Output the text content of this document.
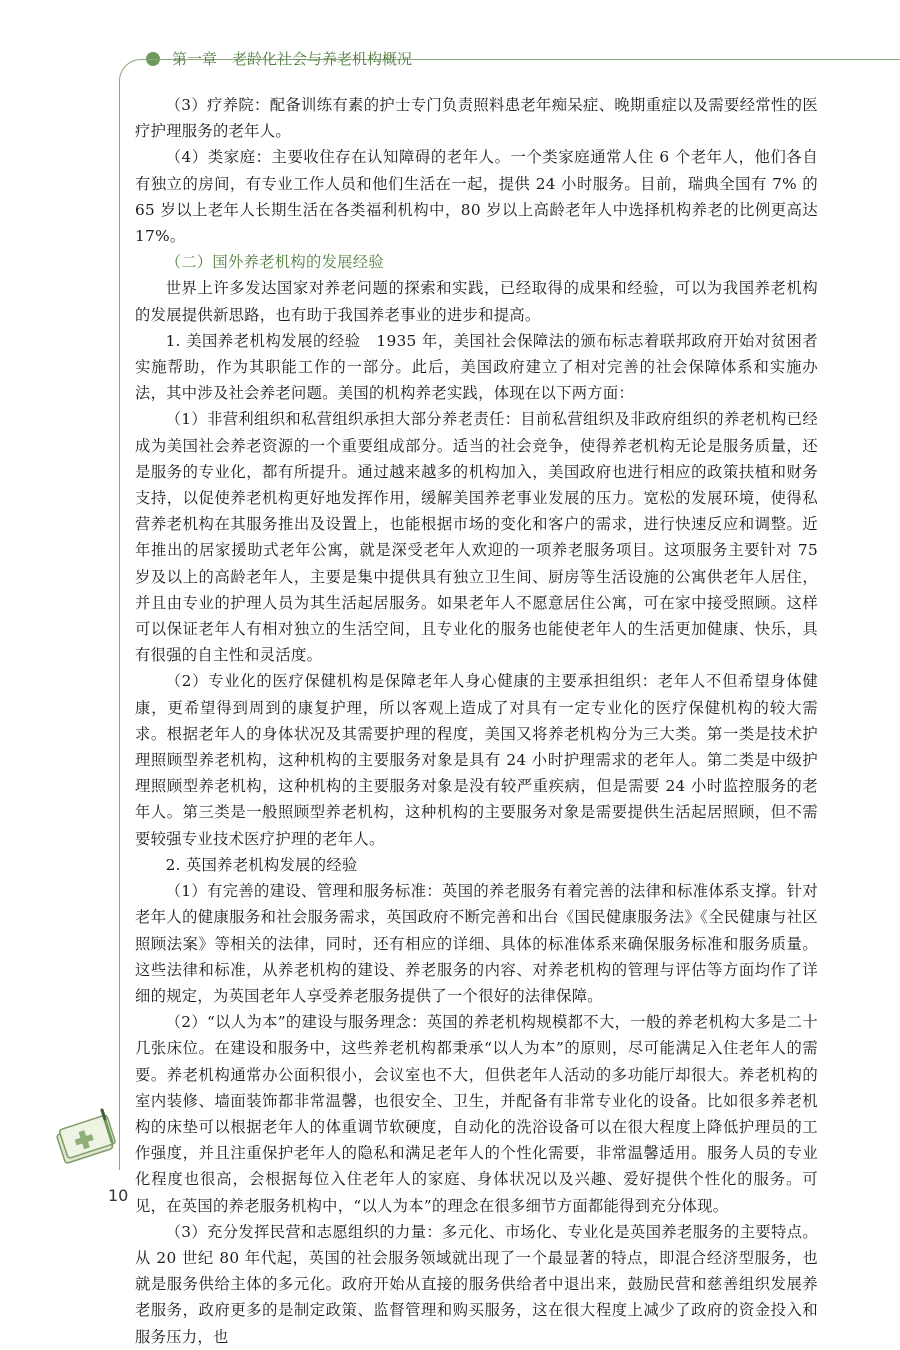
第一章　老龄化社会与养老机构概况

（3）疗养院：配备训练有素的护士专门负责照料患老年痴呆症、晚期重症以及需要经常性的医疗护理服务的老年人。

（4）类家庭：主要收住存在认知障碍的老年人。一个类家庭通常人住 6 个老年人，他们各自有独立的房间，有专业工作人员和他们生活在一起，提供 24 小时服务。目前，瑞典全国有 7% 的 65 岁以上老年人长期生活在各类福利机构中，80 岁以上高龄老年人中选择机构养老的比例更高达 17%。

（二）国外养老机构的发展经验

世界上许多发达国家对养老问题的探索和实践，已经取得的成果和经验，可以为我国养老机构的发展提供新思路，也有助于我国养老事业的进步和提高。

1. 美国养老机构发展的经验　1935 年，美国社会保障法的颁布标志着联邦政府开始对贫困者实施帮助，作为其职能工作的一部分。此后，美国政府建立了相对完善的社会保障体系和实施办法，其中涉及社会养老问题。美国的机构养老实践，体现在以下两方面：

（1）非营利组织和私营组织承担大部分养老责任：目前私营组织及非政府组织的养老机构已经成为美国社会养老资源的一个重要组成部分。适当的社会竞争，使得养老机构无论是服务质量，还是服务的专业化，都有所提升。通过越来越多的机构加入，美国政府也进行相应的政策扶植和财务支持，以促使养老机构更好地发挥作用，缓解美国养老事业发展的压力。宽松的发展环境，使得私营养老机构在其服务推出及设置上，也能根据市场的变化和客户的需求，进行快速反应和调整。近年推出的居家援助式老年公寓，就是深受老年人欢迎的一项养老服务项目。这项服务主要针对 75 岁及以上的高龄老年人，主要是集中提供具有独立卫生间、厨房等生活设施的公寓供老年人居住，并且由专业的护理人员为其生活起居服务。如果老年人不愿意居住公寓，可在家中接受照顾。这样可以保证老年人有相对独立的生活空间，且专业化的服务也能使老年人的生活更加健康、快乐，具有很强的自主性和灵活度。

（2）专业化的医疗保健机构是保障老年人身心健康的主要承担组织：老年人不但希望身体健康，更希望得到周到的康复护理，所以客观上造成了对具有一定专业化的医疗保健机构的较大需求。根据老年人的身体状况及其需要护理的程度，美国又将养老机构分为三大类。第一类是技术护理照顾型养老机构，这种机构的主要服务对象是具有 24 小时护理需求的老年人。第二类是中级护理照顾型养老机构，这种机构的主要服务对象是没有较严重疾病，但是需要 24 小时监控服务的老年人。第三类是一般照顾型养老机构，这种机构的主要服务对象是需要提供生活起居照顾，但不需要较强专业技术医疗护理的老年人。

2. 英国养老机构发展的经验

（1）有完善的建设、管理和服务标准：英国的养老服务有着完善的法律和标准体系支撑。针对老年人的健康服务和社会服务需求，英国政府不断完善和出台《国民健康服务法》《全民健康与社区照顾法案》等相关的法律，同时，还有相应的详细、具体的标准体系来确保服务标准和服务质量。这些法律和标准，从养老机构的建设、养老服务的内容、对养老机构的管理与评估等方面均作了详细的规定，为英国老年人享受养老服务提供了一个很好的法律保障。

（2）“以人为本”的建设与服务理念：英国的养老机构规模都不大，一般的养老机构大多是二十几张床位。在建设和服务中，这些养老机构都秉承“以人为本”的原则，尽可能满足入住老年人的需要。养老机构通常办公面积很小，会议室也不大，但供老年人活动的多功能厅却很大。养老机构的室内装修、墙面装饰都非常温馨，也很安全、卫生，并配备有非常专业化的设备。比如很多养老机构的床垫可以根据老年人的体重调节软硬度，自动化的洗浴设备可以在很大程度上降低护理员的工作强度，并且注重保护老年人的隐私和满足老年人的个性化需要，非常温馨适用。服务人员的专业化程度也很高，会根据每位入住老年人的家庭、身体状况以及兴趣、爱好提供个性化的服务。可见，在英国的养老服务机构中，“以人为本”的理念在很多细节方面都能得到充分体现。

（3）充分发挥民营和志愿组织的力量：多元化、市场化、专业化是英国养老服务的主要特点。从 20 世纪 80 年代起，英国的社会服务领域就出现了一个最显著的特点，即混合经济型服务，也就是服务供给主体的多元化。政府开始从直接的服务供给者中退出来，鼓励民营和慈善组织发展养老服务，政府更多的是制定政策、监督管理和购买服务，这在很大程度上减少了政府的资金投入和服务压力，也

10
